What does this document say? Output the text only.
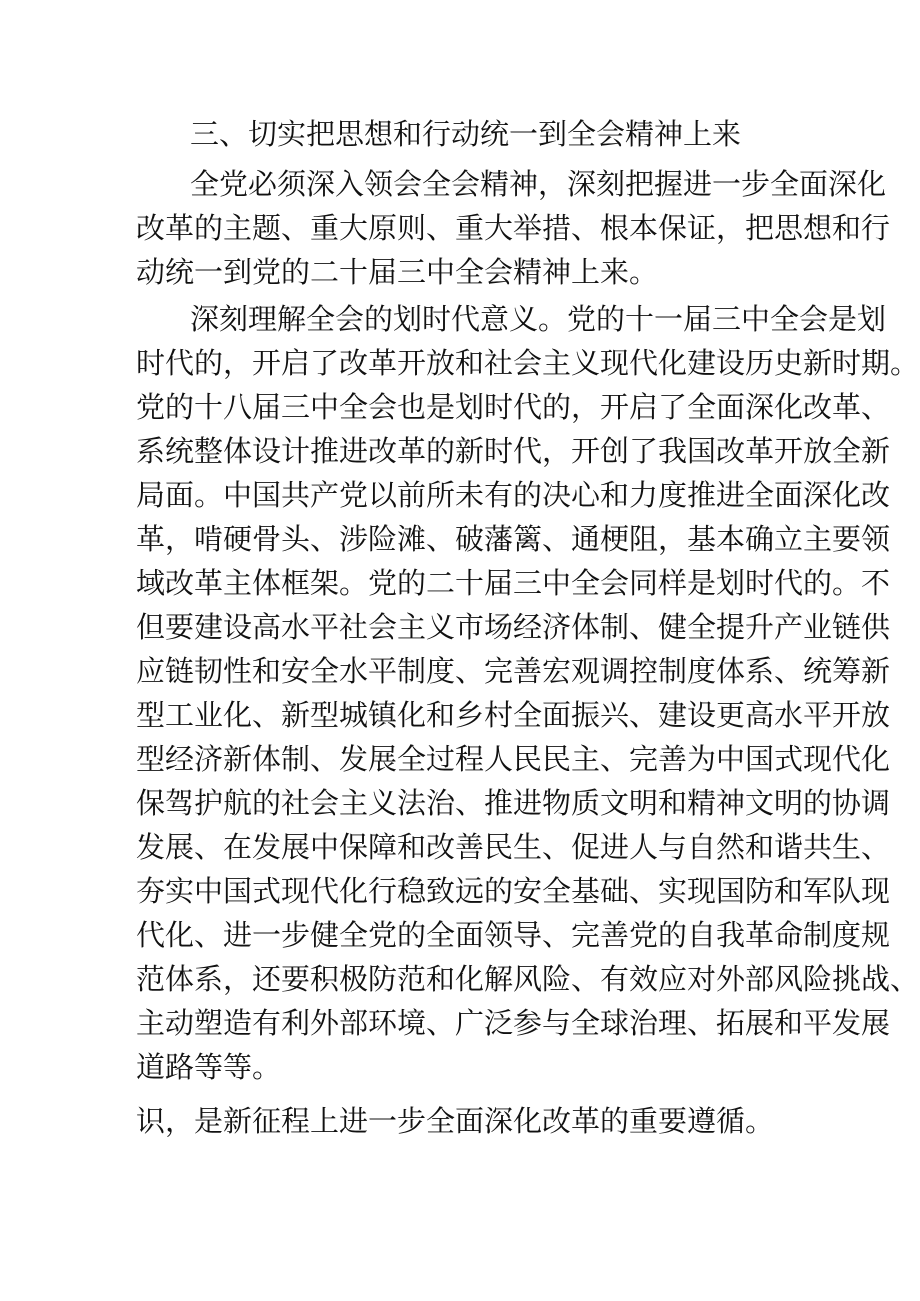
三、切实把思想和行动统一到全会精神上来
全党必须深入领会全会精神，深刻把握进一步全面深化
改革的主题、重大原则、重大举措、根本保证，把思想和行
动统一到党的二十届三中全会精神上来。
深刻理解全会的划时代意义。党的十一届三中全会是划
时代的，开启了改革开放和社会主义现代化建设历史新时期。
党的十八届三中全会也是划时代的，开启了全面深化改革、
系统整体设计推进改革的新时代，开创了我国改革开放全新
局面。中国共产党以前所未有的决心和力度推进全面深化改
革，啃硬骨头、涉险滩、破藩篱、通梗阻，基本确立主要领
域改革主体框架。党的二十届三中全会同样是划时代的。不
但要建设高水平社会主义市场经济体制、健全提升产业链供
应链韧性和安全水平制度、完善宏观调控制度体系、统筹新
型工业化、新型城镇化和乡村全面振兴、建设更高水平开放
型经济新体制、发展全过程人民民主、完善为中国式现代化
保驾护航的社会主义法治、推进物质文明和精神文明的协调
发展、在发展中保障和改善民生、促进人与自然和谐共生、
夯实中国式现代化行稳致远的安全基础、实现国防和军队现
代化、进一步健全党的全面领导、完善党的自我革命制度规
范体系，还要积极防范和化解风险、有效应对外部风险挑战、
主动塑造有利外部环境、广泛参与全球治理、拓展和平发展
道路等等。
识，是新征程上进一步全面深化改革的重要遵循。
